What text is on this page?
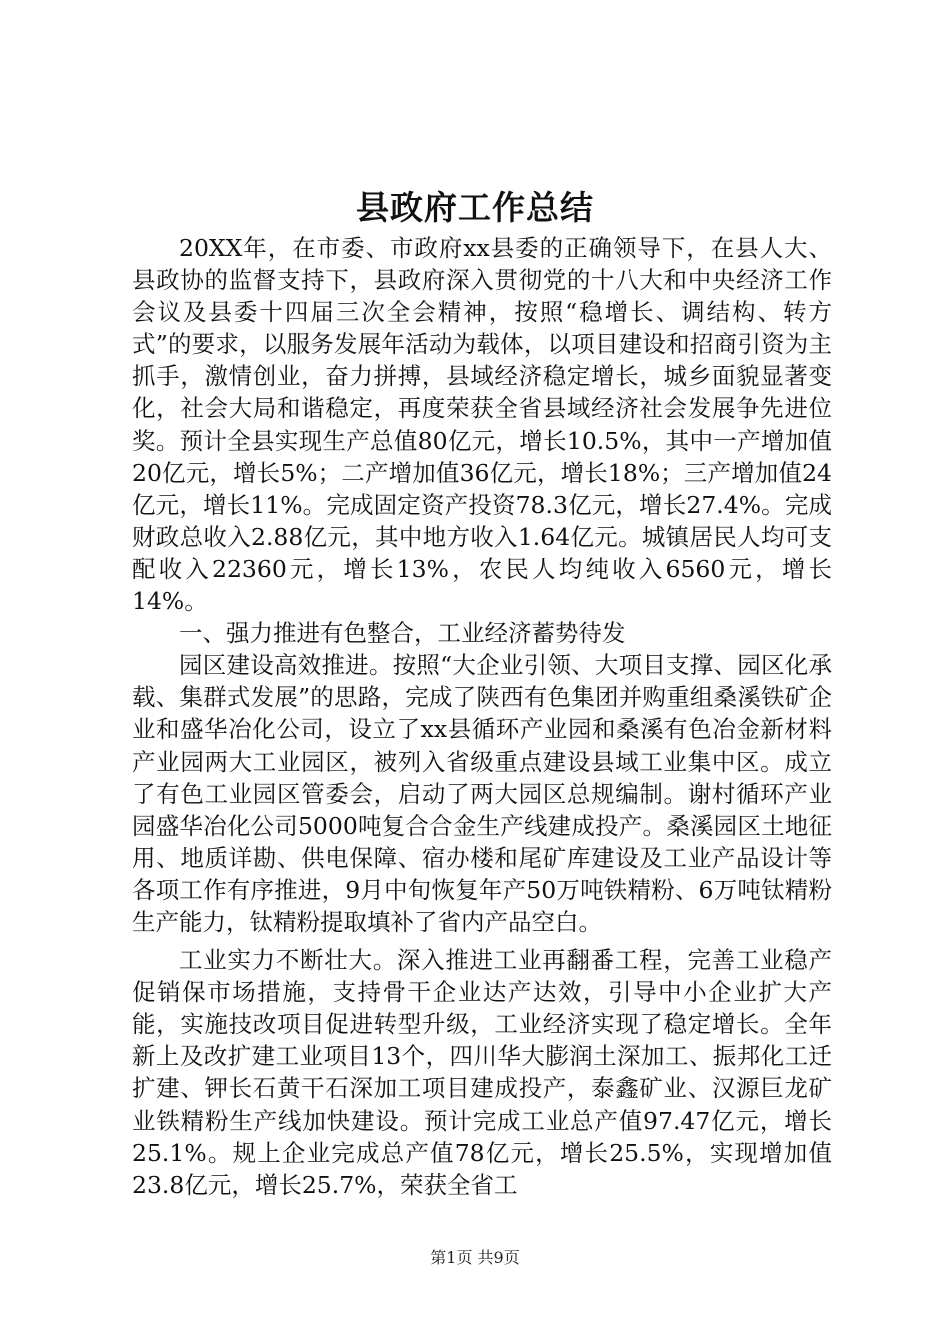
县政府工作总结

20XX年，在市委、市政府xx县委的正确领导下，在县人大、县政协的监督支持下，县政府深入贯彻党的十八大和中央经济工作会议及县委十四届三次全会精神，按照“稳增长、调结构、转方式”的要求，以服务发展年活动为载体，以项目建设和招商引资为主抓手，激情创业，奋力拼搏，县域经济稳定增长，城乡面貌显著变化，社会大局和谐稳定，再度荣获全省县域经济社会发展争先进位奖。预计全县实现生产总值80亿元，增长10.5%，其中一产增加值20亿元，增长5%；二产增加值36亿元，增长18%；三产增加值24亿元，增长11%。完成固定资产投资78.3亿元，增长27.4%。完成财政总收入2.88亿元，其中地方收入1.64亿元。城镇居民人均可支配收入22360元，增长13%，农民人均纯收入6560元，增长14%。

一、强力推进有色整合，工业经济蓄势待发

园区建设高效推进。按照“大企业引领、大项目支撑、园区化承载、集群式发展”的思路，完成了陕西有色集团并购重组桑溪铁矿企业和盛华冶化公司，设立了xx县循环产业园和桑溪有色冶金新材料产业园两大工业园区，被列入省级重点建设县域工业集中区。成立了有色工业园区管委会，启动了两大园区总规编制。谢村循环产业园盛华冶化公司5000吨复合合金生产线建成投产。桑溪园区土地征用、地质详勘、供电保障、宿办楼和尾矿库建设及工业产品设计等各项工作有序推进，9月中旬恢复年产50万吨铁精粉、6万吨钛精粉生产能力，钛精粉提取填补了省内产品空白。

工业实力不断壮大。深入推进工业再翻番工程，完善工业稳产促销保市场措施，支持骨干企业达产达效，引导中小企业扩大产能，实施技改项目促进转型升级，工业经济实现了稳定增长。全年新上及改扩建工业项目13个，四川华大膨润土深加工、振邦化工迁扩建、钾长石黄干石深加工项目建成投产，泰鑫矿业、汉源巨龙矿业铁精粉生产线加快建设。预计完成工业总产值97.47亿元，增长25.1%。规上企业完成总产值78亿元，增长25.5%，实现增加值23.8亿元，增长25.7%，荣获全省工

第1页 共9页
